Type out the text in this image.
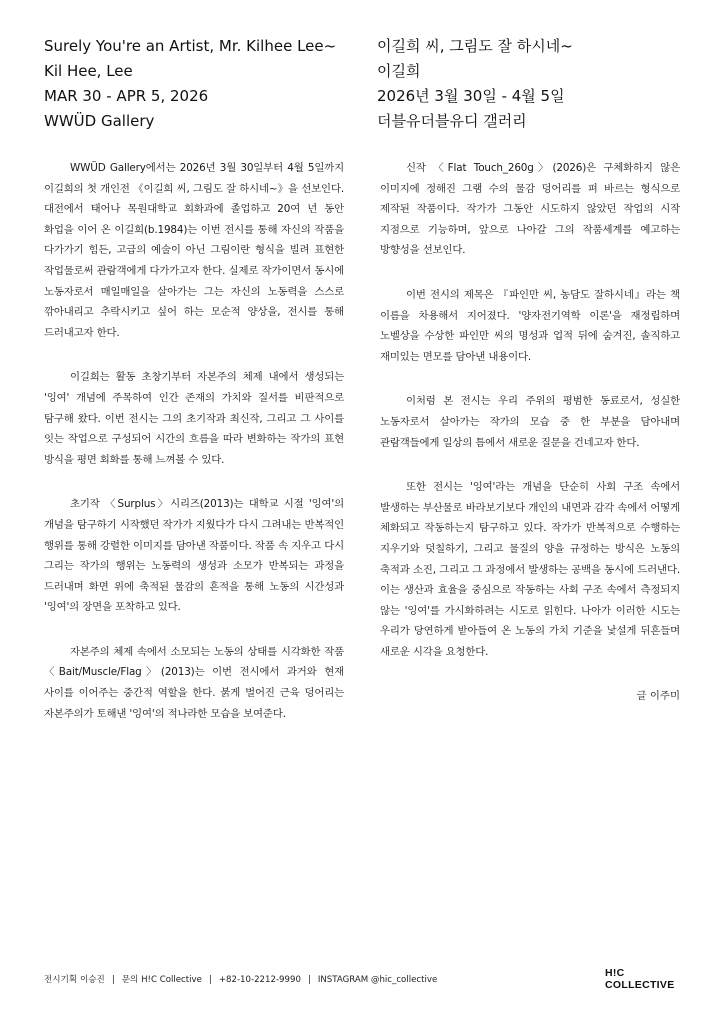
Surely You're an Artist, Mr. Kilhee Lee~
Kil Hee, Lee
MAR 30 - APR 5, 2026
WWÜD Gallery
이길희 씨, 그림도 잘 하시네~
이길희
2026년 3월 30일 - 4월 5일
더블유더블유디 갤러리

WWÜD Gallery에서는 2026년 3월 30일부터 4월 5일까지 이길희의 첫 개인전 《이길희 씨, 그림도 잘 하시네~》을 선보인다. 대전에서 태어나 목원대학교 회화과에 졸업하고 20여 년 동안 화업을 이어 온 이길희(b.1984)는 이번 전시를 통해 자신의 작품을 다가가기 힘든, 고급의 예술이 아닌 그림이란 형식을 빌려 표현한 작업물로써 관람객에게 다가가고자 한다. 실제로 작가이면서 동시에 노동자로서 매일매일을 살아가는 그는 자신의 노동력을 스스로 깎아내리고 추락시키고 싶어 하는 모순적 양상을, 전시를 통해 드러내고자 한다.

이길희는 활동 초창기부터 자본주의 체제 내에서 생성되는 '잉여' 개념에 주목하여 인간 존재의 가치와 질서를 비판적으로 탐구해 왔다. 이번 전시는 그의 초기작과 최신작, 그리고 그 사이를 잇는 작업으로 구성되어 시간의 흐름을 따라 변화하는 작가의 표현 방식을 평면 회화를 통해 느껴볼 수 있다.

초기작 〈Surplus〉시리즈(2013)는 대학교 시절 '잉여'의 개념을 탐구하기 시작했던 작가가 지웠다가 다시 그려내는 반복적인 행위를 통해 강렬한 이미지를 담아낸 작품이다. 작품 속 지우고 다시 그리는 작가의 행위는 노동력의 생성과 소모가 반복되는 과정을 드러내며 화면 위에 축적된 물감의 흔적을 통해 노동의 시간성과 '잉여'의 장면을 포착하고 있다.

자본주의 체제 속에서 소모되는 노동의 상태를 시각화한 작품 〈Bait/Muscle/Flag〉(2013)는 이번 전시에서 과거와 현재 사이를 이어주는 중간적 역할을 한다. 붉게 벌어진 근육 덩어리는 자본주의가 토해낸 '잉여'의 적나라한 모습을 보여준다.

신작 〈Flat Touch_260g〉(2026)은 구체화하지 않은 이미지에 정해진 그램 수의 물감 덩어리를 펴 바르는 형식으로 제작된 작품이다. 작가가 그동안 시도하지 않았던 작업의 시작 지점으로 기능하며, 앞으로 나아갈 그의 작품세계를 예고하는 방향성을 선보인다.

이번 전시의 제목은 『파인만 씨, 농담도 잘하시네』라는 책 이름을 차용해서 지어졌다. '양자전기역학 이론'을 재정립하며 노벨상을 수상한 파인만 씨의 명성과 업적 뒤에 숨겨진, 솔직하고 재미있는 면모를 담아낸 내용이다.

이처럼 본 전시는 우리 주위의 평범한 동료로서, 성실한 노동자로서 살아가는 작가의 모습 중 한 부분을 담아내며 관람객들에게 일상의 틈에서 새로운 질문을 건네고자 한다.

또한 전시는 '잉여'라는 개념을 단순히 사회 구조 속에서 발생하는 부산물로 바라보기보다 개인의 내면과 감각 속에서 어떻게 체화되고 작동하는지 탐구하고 있다. 작가가 반복적으로 수행하는 지우기와 덧칠하기, 그리고 물질의 양을 규정하는 방식은 노동의 축적과 소진, 그리고 그 과정에서 발생하는 공백을 동시에 드러낸다. 이는 생산과 효율을 중심으로 작동하는 사회 구조 속에서 측정되지 않는 '잉여'를 가시화하려는 시도로 읽힌다. 나아가 이러한 시도는 우리가 당연하게 받아들여 온 노동의 가치 기준을 낯설게 뒤흔들며 새로운 시각을 요청한다.

글 이주미

전시기획 이승진 | 문의 H!C Collective | +82-10-2212-9990 | INSTAGRAM @hic_collective
H!C
COLLECTIVE
